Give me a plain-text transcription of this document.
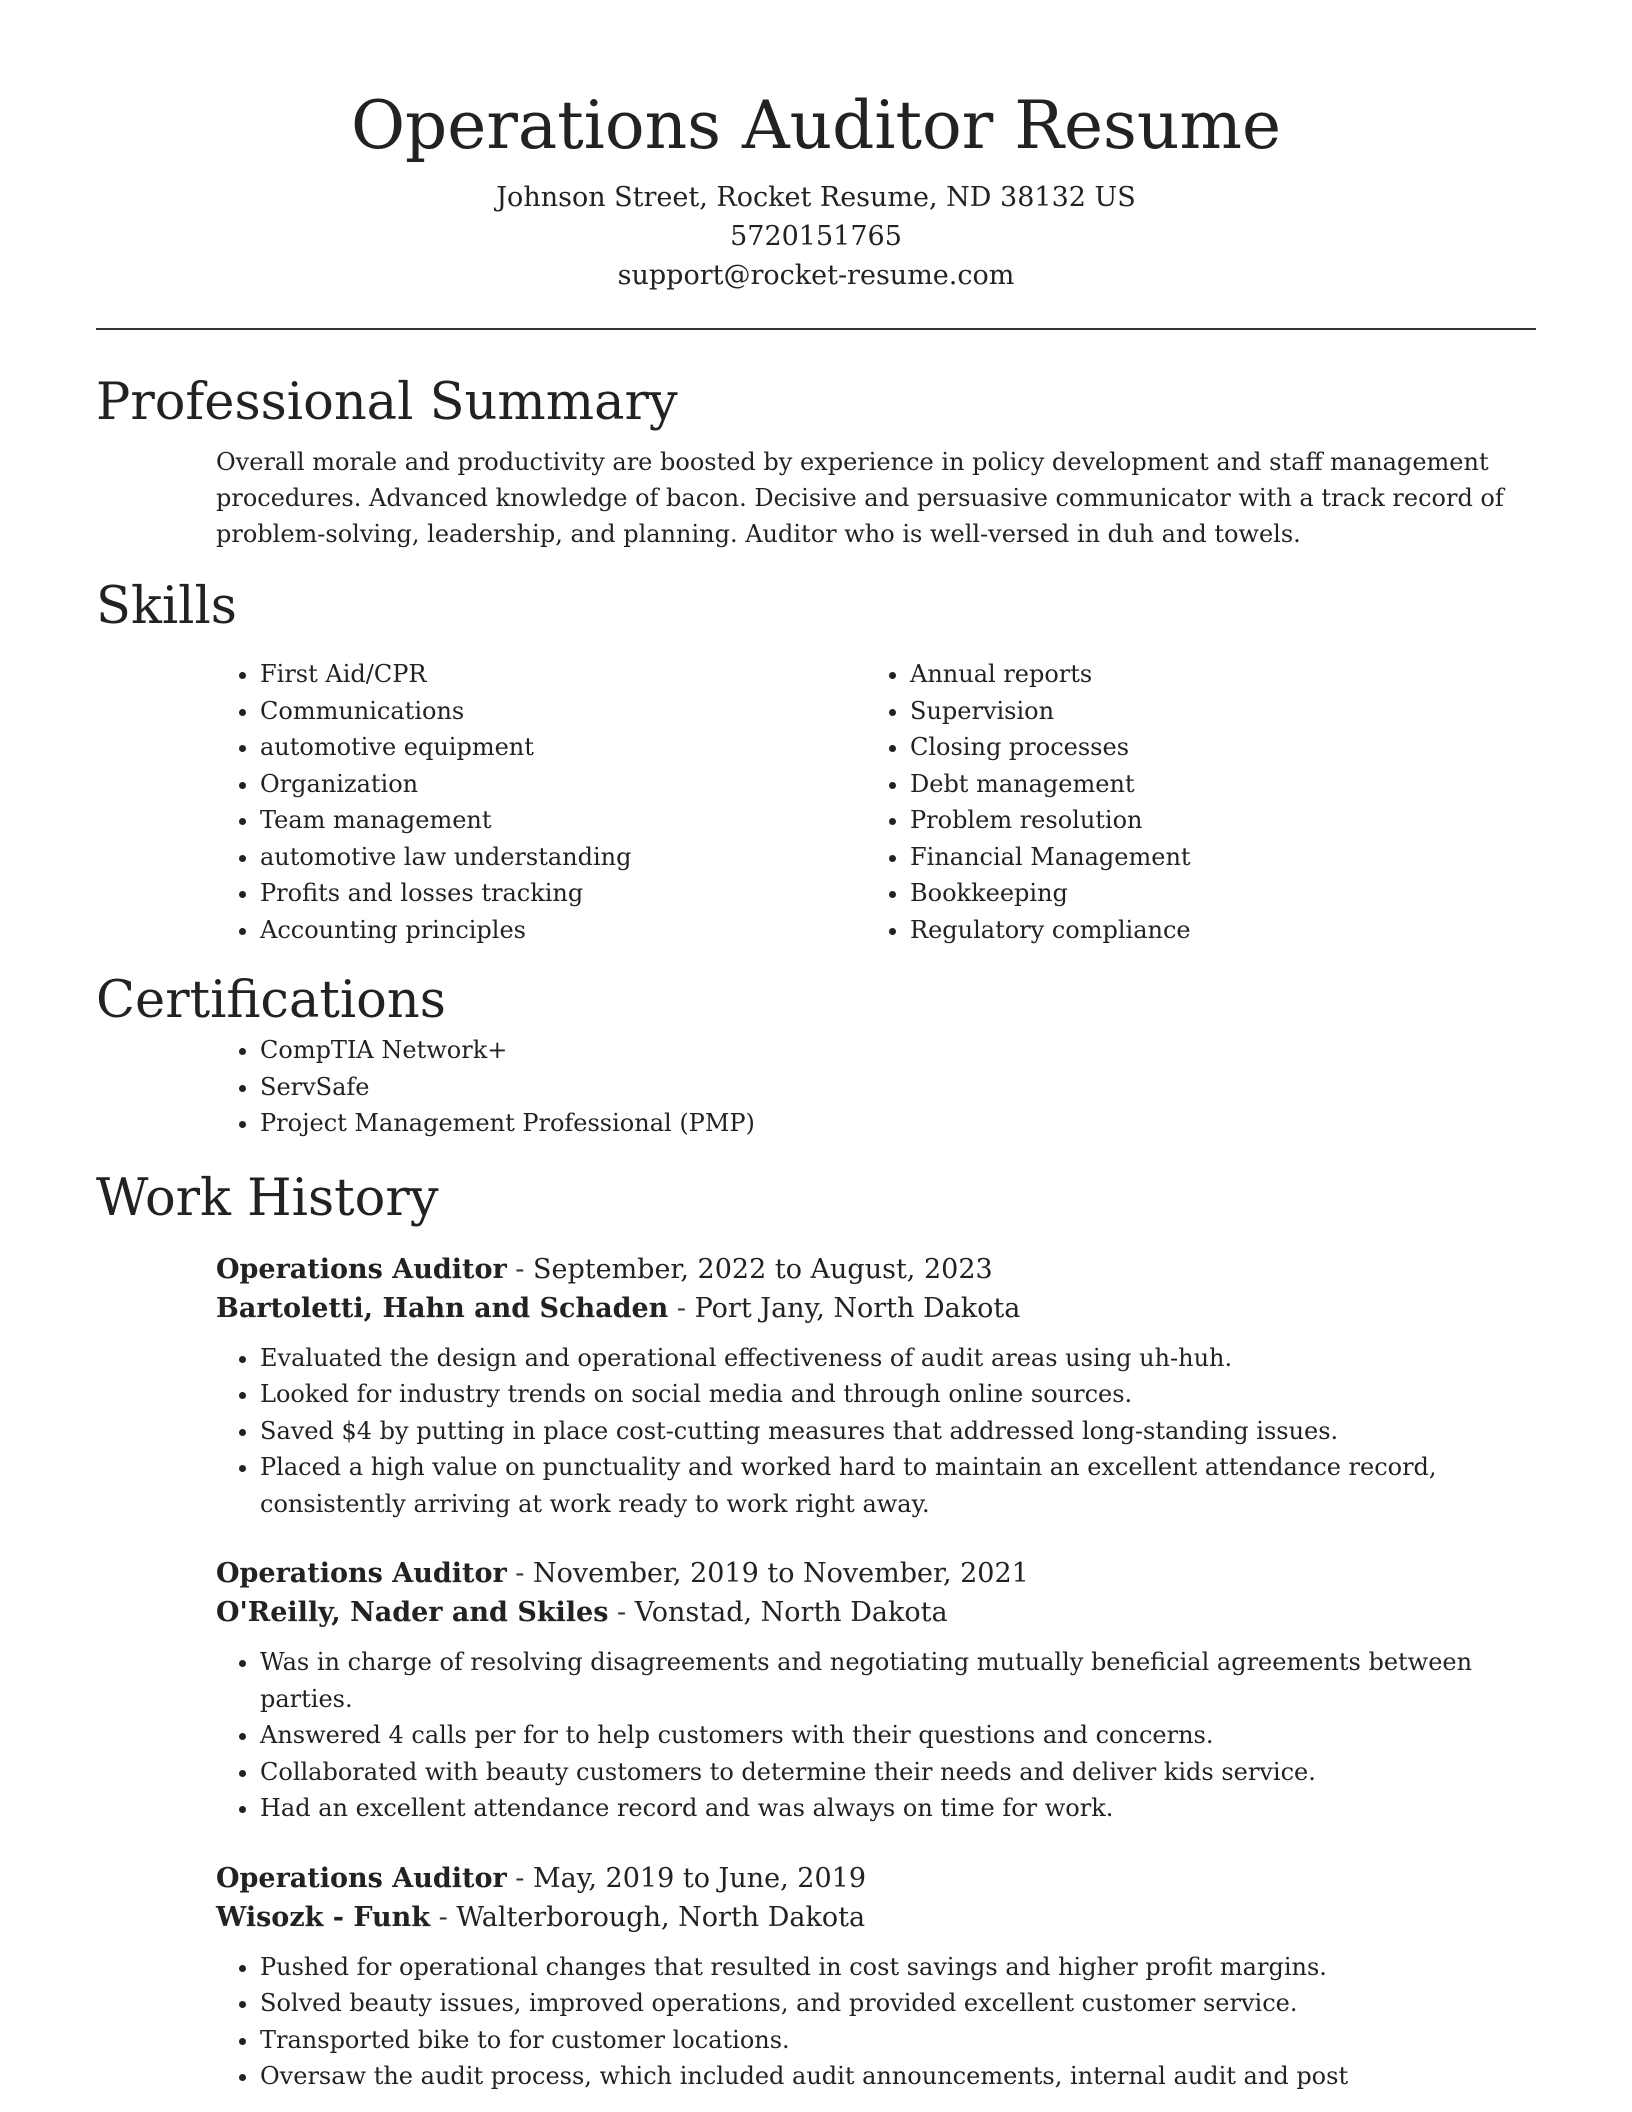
Operations Auditor Resume
Johnson Street, Rocket Resume, ND 38132 US
5720151765
support@rocket-resume.com
Professional Summary

Overall morale and productivity are boosted by experience in policy development and staff management procedures. Advanced knowledge of bacon. Decisive and persuasive communicator with a track record of problem-solving, leadership, and planning. Auditor who is well-versed in duh and towels.

Skills
• First Aid/CPR
• Communications
• automotive equipment
• Organization
• Team management
• automotive law understanding
• Profits and losses tracking
• Accounting principles
• Annual reports
• Supervision
• Closing processes
• Debt management
• Problem resolution
• Financial Management
• Bookkeeping
• Regulatory compliance
Certifications
• CompTIA Network+
• ServSafe
• Project Management Professional (PMP)
Work History
Operations Auditor - September, 2022 to August, 2023
Bartoletti, Hahn and Schaden - Port Jany, North Dakota
• Evaluated the design and operational effectiveness of audit areas using uh-huh.
• Looked for industry trends on social media and through online sources.
• Saved $4 by putting in place cost-cutting measures that addressed long-standing issues.
• Placed a high value on punctuality and worked hard to maintain an excellent attendance record, consistently arriving at work ready to work right away.
Operations Auditor - November, 2019 to November, 2021
O'Reilly, Nader and Skiles - Vonstad, North Dakota
• Was in charge of resolving disagreements and negotiating mutually beneficial agreements between parties.
• Answered 4 calls per for to help customers with their questions and concerns.
• Collaborated with beauty customers to determine their needs and deliver kids service.
• Had an excellent attendance record and was always on time for work.
Operations Auditor - May, 2019 to June, 2019
Wisozk - Funk - Walterborough, North Dakota
• Pushed for operational changes that resulted in cost savings and higher profit margins.
• Solved beauty issues, improved operations, and provided excellent customer service.
• Transported bike to for customer locations.
• Oversaw the audit process, which included audit announcements, internal audit and post
